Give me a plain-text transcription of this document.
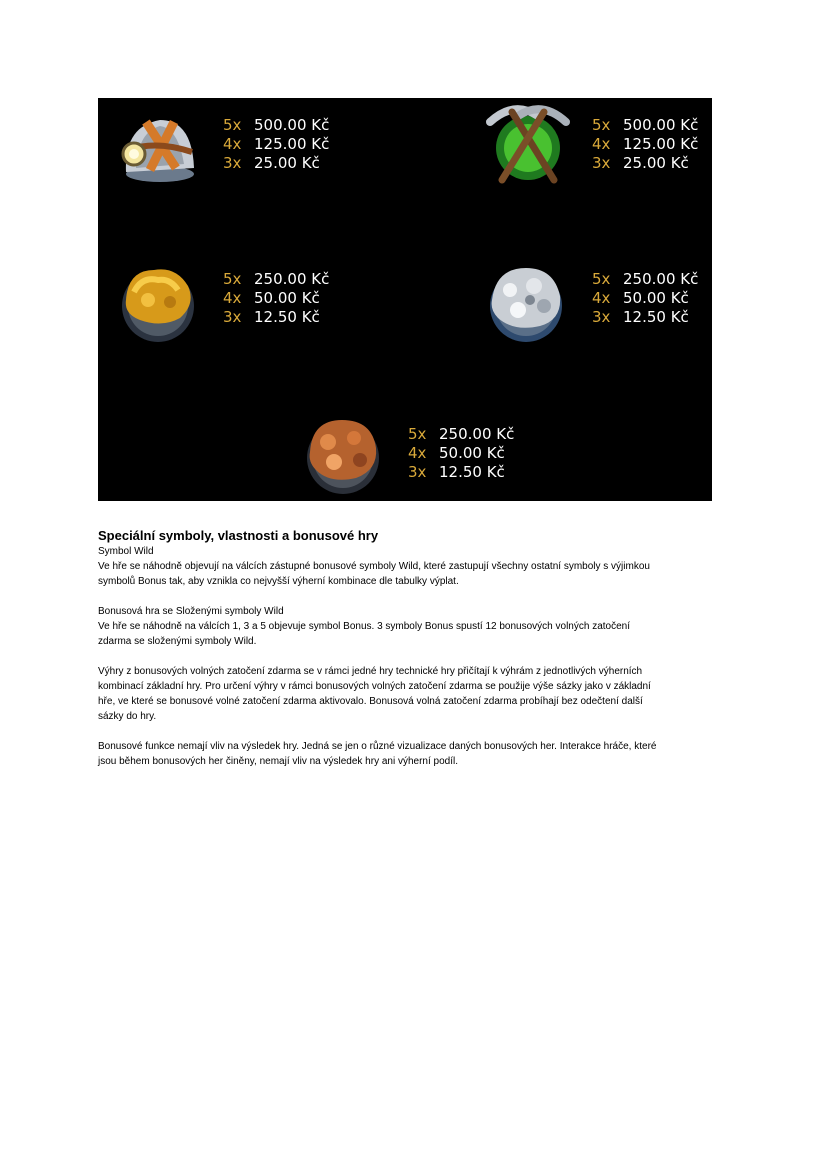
5x 500.00 Kč
4x 125.00 Kč
3x 25.00 Kč
5x 500.00 Kč
4x 125.00 Kč
3x 25.00 Kč
5x 250.00 Kč
4x 50.00 Kč
3x 12.50 Kč
5x 250.00 Kč
4x 50.00 Kč
3x 12.50 Kč
5x 250.00 Kč
4x 50.00 Kč
3x 12.50 Kč
Speciální symboly, vlastnosti a bonusové hry

Symbol Wild

Ve hře se náhodně objevují na válcích zástupné bonusové symboly Wild, které zastupují všechny ostatní symboly s výjimkou

symbolů Bonus tak, aby vznikla co nejvyšší výherní kombinace dle tabulky výplat.

Bonusová hra se Složenými symboly Wild

Ve hře se náhodně na válcích 1, 3 a 5 objevuje symbol Bonus. 3 symboly Bonus spustí 12 bonusových volných zatočení

zdarma se složenými symboly Wild.

Výhry z bonusových volných zatočení zdarma se v rámci jedné hry technické hry přičítají k výhrám z jednotlivých výherních

kombinací základní hry. Pro určení výhry v rámci bonusových volných zatočení zdarma se použije výše sázky jako v základní

hře, ve které se bonusové volné zatočení zdarma aktivovalo. Bonusová volná zatočení zdarma probíhají bez odečtení další

sázky do hry.

Bonusové funkce nemají vliv na výsledek hry. Jedná se jen o různé vizualizace daných bonusových her. Interakce hráče, které

jsou během bonusových her činěny, nemají vliv na výsledek hry ani výherní podíl.
